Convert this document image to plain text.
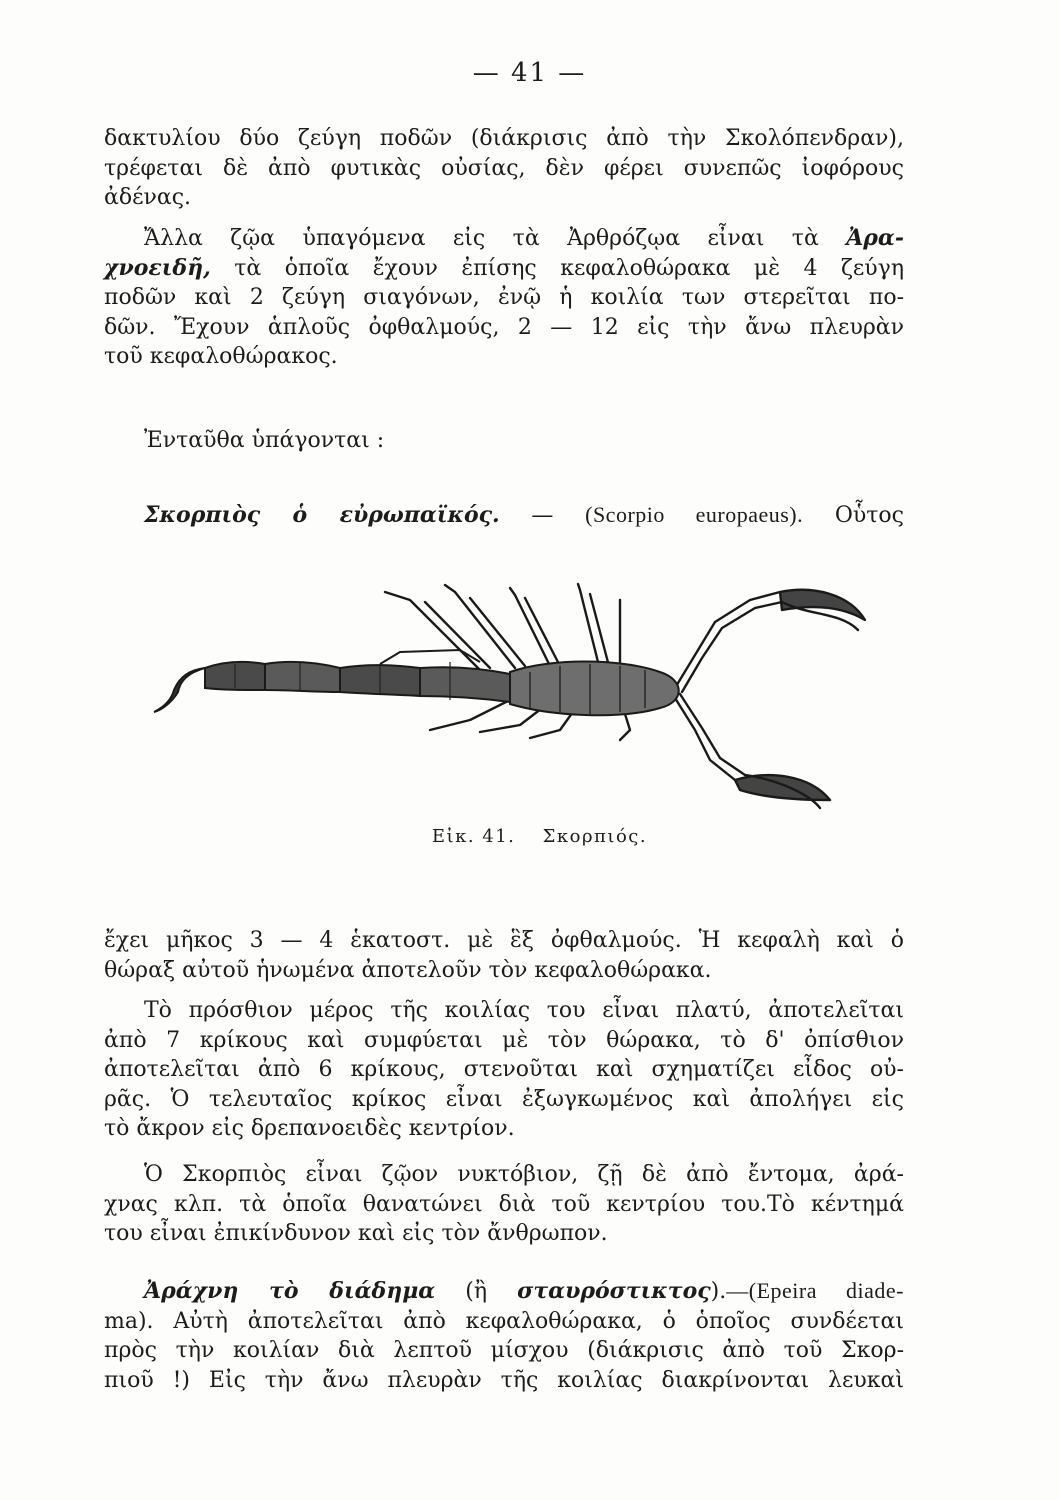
— 41 —
δακτυλίου δύο ζεύγη ποδῶν (διάκρισις ἀπὸ τὴν Σκολόπενδραν),
τρέφεται δὲ ἀπὸ φυτικὰς οὐσίας, δὲν φέρει συνεπῶς ἰοφόρους
ἀδένας.
Ἄλλα ζῷα ὑπαγόμενα εἰς τὰ Ἀρθρόζῳα εἶναι τὰ Ἀρα-
χνοειδῆ, τὰ ὁποῖα ἔχουν ἐπίσης κεφαλοθώρακα μὲ 4 ζεύγη
ποδῶν καὶ 2 ζεύγη σιαγόνων, ἐνῷ ἡ κοιλία των στερεῖται πο-
δῶν. Ἔχουν ἁπλοῦς ὀφθαλμούς, 2 — 12 εἰς τὴν ἄνω πλευρὰν
τοῦ κεφαλοθώρακος.
Ἐνταῦθα ὑπάγονται :
Σκορπιὸς ὁ εὐρωπαϊκός. — (Scorpio europaeus). Οὗτος
Εἰκ. 41. Σκορπιός.
ἔχει μῆκος 3 — 4 ἑκατοστ. μὲ ἓξ ὀφθαλμούς. Ἡ κεφαλὴ καὶ ὁ
θώραξ αὐτοῦ ἡνωμένα ἀποτελοῦν τὸν κεφαλοθώρακα.
Τὸ πρόσθιον μέρος τῆς κοιλίας του εἶναι πλατύ, ἀποτελεῖται
ἀπὸ 7 κρίκους καὶ συμφύεται μὲ τὸν θώρακα, τὸ δ' ὀπίσθιον
ἀποτελεῖται ἀπὸ 6 κρίκους, στενοῦται καὶ σχηματίζει εἶδος οὐ-
ρᾶς. Ὁ τελευταῖος κρίκος εἶναι ἐξωγκωμένος καὶ ἀπολήγει εἰς
τὸ ἄκρον εἰς δρεπανοειδὲς κεντρίον.
Ὁ Σκορπιὸς εἶναι ζῷον νυκτόβιον, ζῇ δὲ ἀπὸ ἔντομα, ἀρά-
χνας κλπ. τὰ ὁποῖα θανατώνει διὰ τοῦ κεντρίου του.Τὸ κέντημά
του εἶναι ἐπικίνδυνον καὶ εἰς τὸν ἄνθρωπον.
Ἀράχνη τὸ διάδημα (ἢ σταυρόστικτος).—(Epeira diade-
ma). Αὐτὴ ἀποτελεῖται ἀπὸ κεφαλοθώρακα, ὁ ὁποῖος συνδέεται
πρὸς τὴν κοιλίαν διὰ λεπτοῦ μίσχου (διάκρισις ἀπὸ τοῦ Σκορ-
πιοῦ !) Εἰς τὴν ἄνω πλευρὰν τῆς κοιλίας διακρίνονται λευκαὶ
